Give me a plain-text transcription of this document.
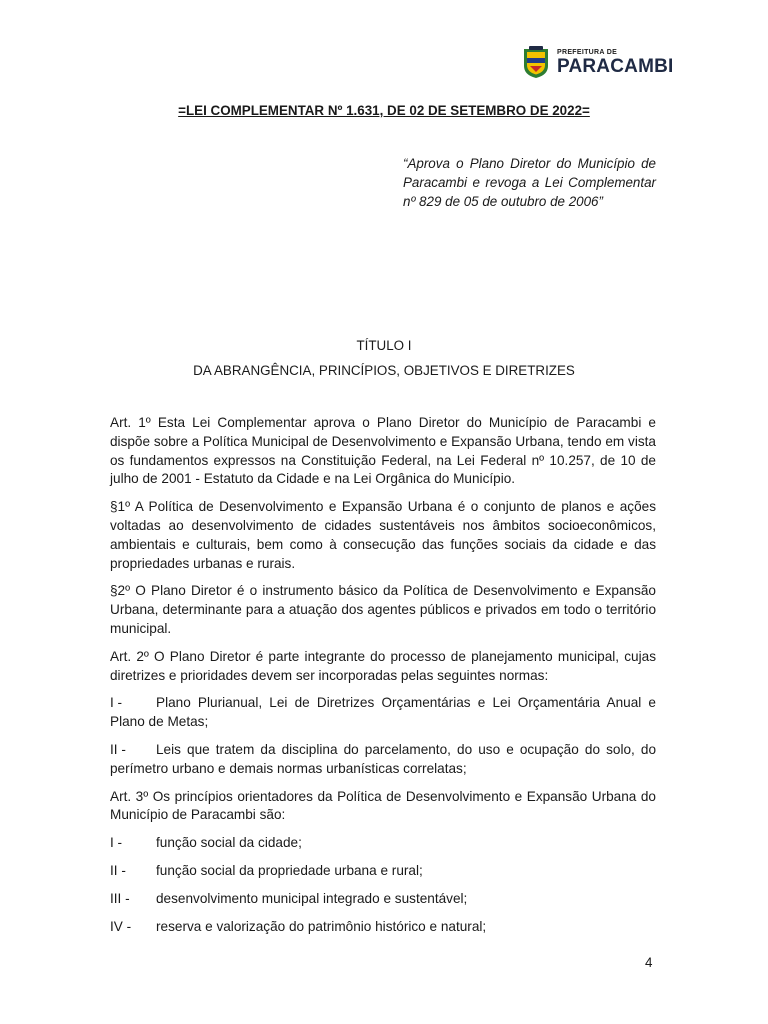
PREFEITURA DE
PARACAMBI
=LEI COMPLEMENTAR Nº 1.631, DE 02 DE SETEMBRO DE 2022=
“Aprova o Plano Diretor do Município de Paracambi e revoga a Lei Complementar nº 829 de 05 de outubro de 2006”
TÍTULO I
DA ABRANGÊNCIA, PRINCÍPIOS, OBJETIVOS E DIRETRIZES

Art. 1º Esta Lei Complementar aprova o Plano Diretor do Município de Paracambi e dispõe sobre a Política Municipal de Desenvolvimento e Expansão Urbana, tendo em vista os fundamentos expressos na Constituição Federal, na Lei Federal nº 10.257, de 10 de julho de 2001 - Estatuto da Cidade e na Lei Orgânica do Município.

§1º A Política de Desenvolvimento e Expansão Urbana é o conjunto de planos e ações voltadas ao desenvolvimento de cidades sustentáveis nos âmbitos socioeconômicos, ambientais e culturais, bem como à consecução das funções sociais da cidade e das propriedades urbanas e rurais.

§2º O Plano Diretor é o instrumento básico da Política de Desenvolvimento e Expansão Urbana, determinante para a atuação dos agentes públicos e privados em todo o território municipal.

Art. 2º O Plano Diretor é parte integrante do processo de planejamento municipal, cujas diretrizes e prioridades devem ser incorporadas pelas seguintes normas:

I - Plano Plurianual, Lei de Diretrizes Orçamentárias e Lei Orçamentária Anual e Plano de Metas;
II - Leis que tratem da disciplina do parcelamento, do uso e ocupação do solo, do perímetro urbano e demais normas urbanísticas correlatas;

Art. 3º Os princípios orientadores da Política de Desenvolvimento e Expansão Urbana do Município de Paracambi são:

I -	função social da cidade;
II -	função social da propriedade urbana e rural;
III -	desenvolvimento municipal integrado e sustentável;
IV -	reserva e valorização do patrimônio histórico e natural;
4
